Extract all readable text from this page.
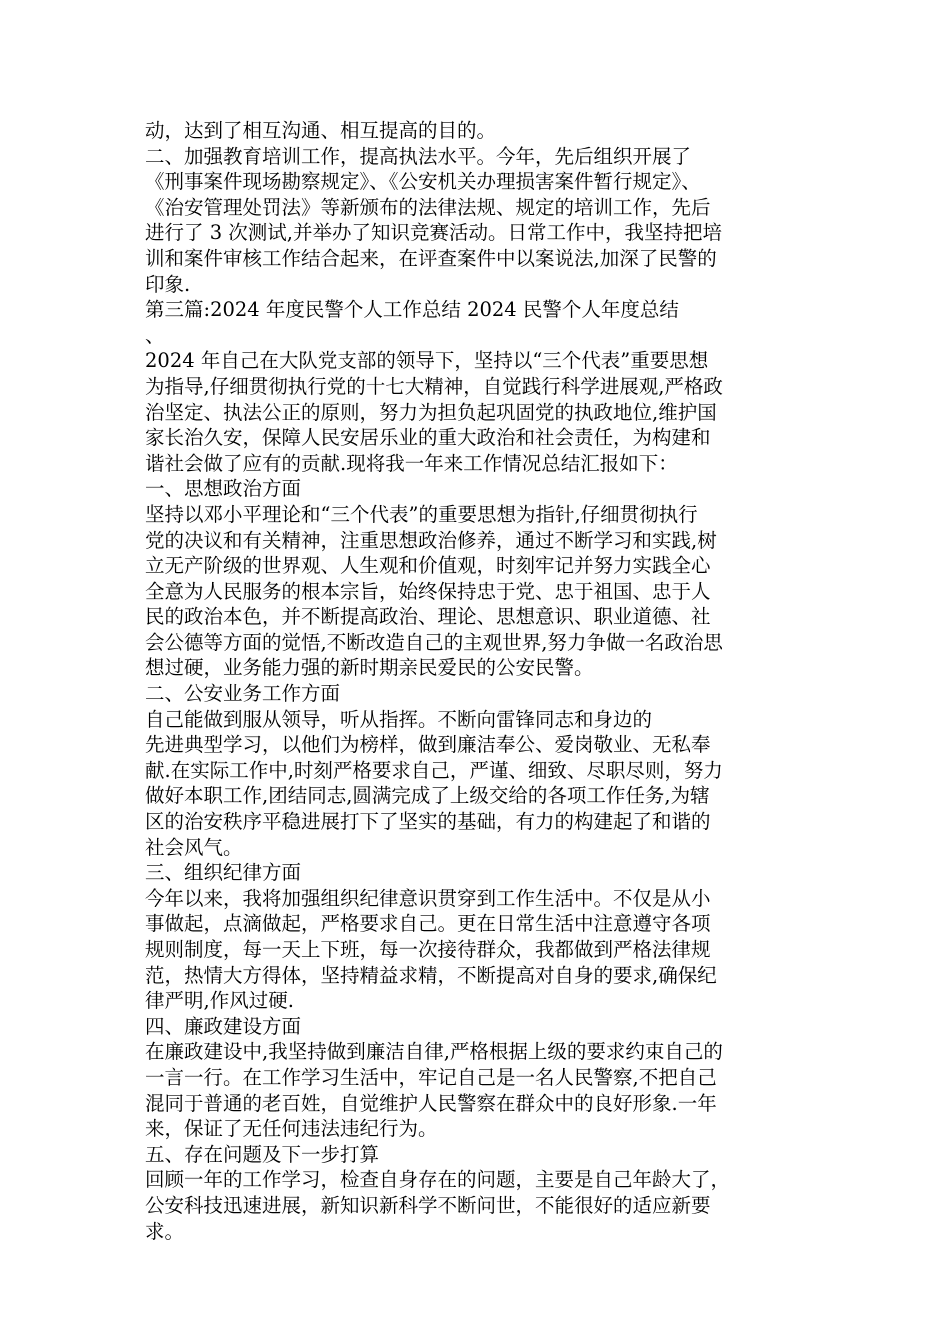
动，达到了相互沟通、相互提高的目的。
二、加强教育培训工作，提高执法水平。今年，先后组织开展了
《刑事案件现场勘察规定》、《公安机关办理损害案件暂行规定》、
《治安管理处罚法》等新颁布的法律法规、规定的培训工作，先后
进行了 3 次测试,并举办了知识竞赛活动。日常工作中，我坚持把培
训和案件审核工作结合起来，在评查案件中以案说法,加深了民警的
印象.
第三篇:2024 年度民警个人工作总结 2024 民警个人年度总结
、
2024 年自己在大队党支部的领导下，坚持以“三个代表”重要思想
为指导,仔细贯彻执行党的十七大精神，自觉践行科学进展观,严格政
治坚定、执法公正的原则，努力为担负起巩固党的执政地位,维护国
家长治久安，保障人民安居乐业的重大政治和社会责任，为构建和
谐社会做了应有的贡献.现将我一年来工作情况总结汇报如下：
一、思想政治方面
坚持以邓小平理论和“三个代表”的重要思想为指针,仔细贯彻执行
党的决议和有关精神，注重思想政治修养，通过不断学习和实践,树
立无产阶级的世界观、人生观和价值观，时刻牢记并努力实践全心
全意为人民服务的根本宗旨，始终保持忠于党、忠于祖国、忠于人
民的政治本色，并不断提高政治、理论、思想意识、职业道德、社
会公德等方面的觉悟,不断改造自己的主观世界,努力争做一名政治思
想过硬，业务能力强的新时期亲民爱民的公安民警。
二、公安业务工作方面
自己能做到服从领导，听从指挥。不断向雷锋同志和身边的
先进典型学习，以他们为榜样，做到廉洁奉公、爱岗敬业、无私奉
献.在实际工作中,时刻严格要求自己，严谨、细致、尽职尽则，努力
做好本职工作,团结同志,圆满完成了上级交给的各项工作任务,为辖
区的治安秩序平稳进展打下了坚实的基础，有力的构建起了和谐的
社会风气。
三、组织纪律方面
今年以来，我将加强组织纪律意识贯穿到工作生活中。不仅是从小
事做起，点滴做起，严格要求自己。更在日常生活中注意遵守各项
规则制度，每一天上下班，每一次接待群众，我都做到严格法律规
范，热情大方得体，坚持精益求精，不断提高对自身的要求,确保纪
律严明,作风过硬.
四、廉政建设方面
在廉政建设中,我坚持做到廉洁自律,严格根据上级的要求约束自己的
一言一行。在工作学习生活中，牢记自己是一名人民警察,不把自己
混同于普通的老百姓，自觉维护人民警察在群众中的良好形象.一年
来，保证了无任何违法违纪行为。
五、存在问题及下一步打算
回顾一年的工作学习，检查自身存在的问题，主要是自己年龄大了，
公安科技迅速进展，新知识新科学不断问世，不能很好的适应新要
求。
